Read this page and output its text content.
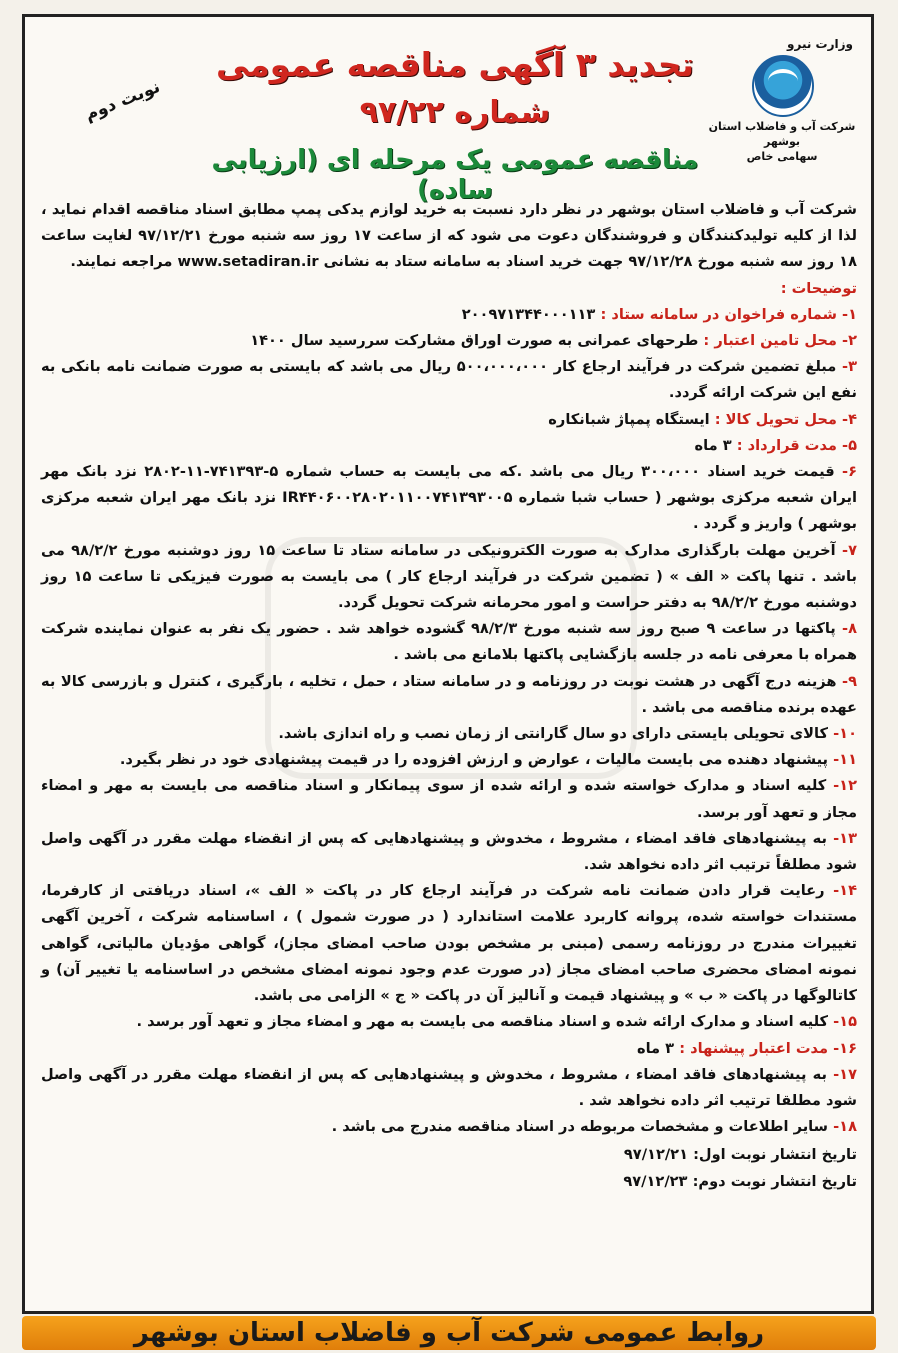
وزارت نیرو
شرکت آب و فاضلاب استان بوشهر
سهامی خاص
نوبت دوم
تجدید ۳ آگهی مناقصه عمومی
شماره ۹۷/۲۲
مناقصه عمومی یک مرحله ای (ارزیابی ساده)

شرکت آب و فاضلاب استان بوشهر در نظر دارد نسبت به خرید لوازم یدکی پمپ مطابق اسناد مناقصه اقدام نماید ، لذا از کلیه تولیدکنندگان و فروشندگان دعوت می شود که از ساعت ۱۷ روز سه شنبه مورخ ۹۷/۱۲/۲۱ لغایت ساعت ۱۸ روز سه شنبه مورخ ۹۷/۱۲/۲۸ جهت خرید اسناد به سامانه ستاد به نشانی www.setadiran.ir مراجعه نمایند.

توضیحات :

۱- شماره فراخوان در سامانه ستاد : ۲۰۰۹۷۱۳۴۴۰۰۰۱۱۳

۲- محل تامین اعتبار : طرحهای عمرانی به صورت اوراق مشارکت سررسید سال ۱۴۰۰

۳- مبلغ تضمین شرکت در فرآیند ارجاع کار ۵۰۰،۰۰۰،۰۰۰ ریال می باشد که بایستی به صورت ضمانت نامه بانکی به نفع این شرکت ارائه گردد.

۴- محل تحویل کالا : ایستگاه پمپاژ شبانکاره

۵- مدت قرارداد : ۳ ماه

۶- قیمت خرید اسناد ۳۰۰،۰۰۰ ریال می باشد .که می بایست به حساب شماره ۵-۷۴۱۳۹۳-۱۱-۲۸۰۲ نزد بانک مهر ایران شعبه مرکزی بوشهر ( حساب شبا شماره IR۴۴۰۶۰۰۲۸۰۲۰۱۱۰۰۷۴۱۳۹۳۰۰۵ نزد بانک مهر ایران شعبه مرکزی بوشهر ) واریز و گردد .

۷- آخرین مهلت بارگذاری مدارک به صورت الکترونیکی در سامانه ستاد تا ساعت ۱۵ روز دوشنبه مورخ ۹۸/۲/۲ می باشد . تنها پاکت « الف » ( تضمین شرکت در فرآیند ارجاع کار ) می بایست به صورت فیزیکی تا ساعت ۱۵ روز دوشنبه مورخ ۹۸/۲/۲ به دفتر حراست و امور محرمانه شرکت تحویل گردد.

۸- پاکتها در ساعت ۹ صبح روز سه شنبه مورخ ۹۸/۲/۳ گشوده خواهد شد . حضور یک نفر به عنوان نماینده شرکت همراه با معرفی نامه در جلسه بازگشایی پاکتها بلامانع می باشد .

۹- هزینه درج آگهی در هشت نوبت در روزنامه و در سامانه ستاد ، حمل ، تخلیه ، بارگیری ، کنترل و بازرسی کالا به عهده برنده مناقصه می باشد .

۱۰- کالای تحویلی بایستی دارای دو سال گارانتی از زمان نصب و راه اندازی باشد.

۱۱- پیشنهاد دهنده می بایست مالیات ، عوارض و ارزش افزوده را در قیمت پیشنهادی خود در نظر بگیرد.

۱۲- کلیه اسناد و مدارک خواسته شده و ارائه شده از سوی پیمانکار و اسناد مناقصه می بایست به مهر و امضاء مجاز و تعهد آور برسد.

۱۳- به پیشنهادهای فاقد امضاء ، مشروط ، مخدوش و پیشنهادهایی که پس از انقضاء مهلت مقرر در آگهی واصل شود مطلقاً ترتیب اثر داده نخواهد شد.

۱۴- رعایت قرار دادن ضمانت نامه شرکت در فرآیند ارجاع کار در پاکت « الف »، اسناد دریافتی از کارفرما، مستندات خواسته شده، پروانه کاربرد علامت استاندارد ( در صورت شمول ) ، اساسنامه شرکت ، آخرین آگهی تغییرات مندرج در روزنامه رسمی (مبنی بر مشخص بودن صاحب امضای مجاز)، گواهی مؤدیان مالیاتی، گواهی نمونه امضای محضری صاحب امضای مجاز (در صورت عدم وجود نمونه امضای مشخص در اساسنامه یا تغییر آن) و کاتالوگها در پاکت « ب » و پیشنهاد قیمت و آنالیز آن در پاکت « ج » الزامی می باشد.

۱۵- کلیه اسناد و مدارک ارائه شده و اسناد مناقصه می بایست به مهر و امضاء مجاز و تعهد آور برسد .

۱۶- مدت اعتبار پیشنهاد : ۳ ماه

۱۷- به پیشنهادهای فاقد امضاء ، مشروط ، مخدوش و پیشنهادهایی که پس از انقضاء مهلت مقرر در آگهی واصل شود مطلقا ترتیب اثر داده نخواهد شد .

۱۸- سایر اطلاعات و مشخصات مربوطه در اسناد مناقصه مندرج می باشد .

تاریخ انتشار نوبت اول: ۹۷/۱۲/۲۱

تاریخ انتشار نوبت دوم: ۹۷/۱۲/۲۳

روابط عمومی شرکت آب و فاضلاب استان بوشهر
